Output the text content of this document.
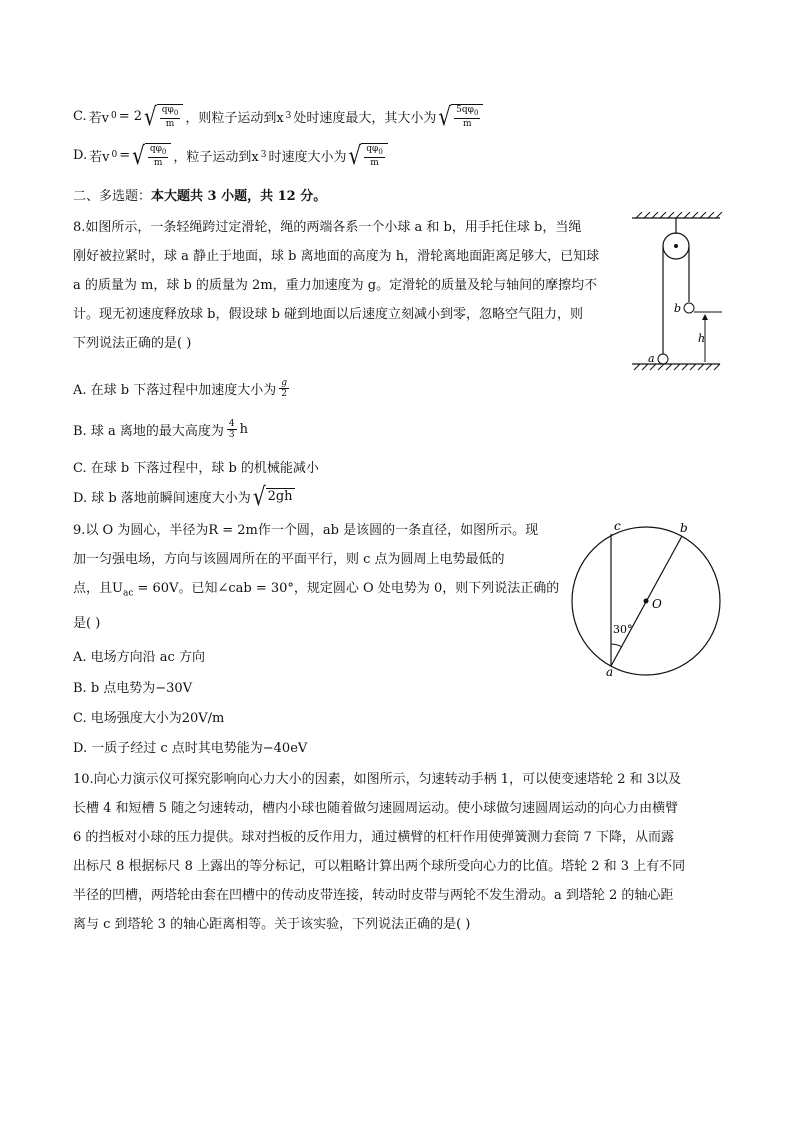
C. 若v 0 = 2 √ $\frac{q\varphi_0}{m}$ ，则粒子运动到x 3 处时速度最大，其大小为 √ $\frac{5q\varphi_0}{m}$
D. 若v 0 = √ $\frac{q\varphi_0}{m}$ ，粒子运动到x 3 时速度大小为 √ $\frac{q\varphi_0}{m}$
二、多选题：本大题共 3 小题，共 12 分。
8.如图所示，一条轻绳跨过定滑轮，绳的两端各系一个小球 a 和 b，用手托住球 b，当绳
刚好被拉紧时，球 a 静止于地面，球 b 离地面的高度为 h，滑轮离地面距离足够大，已知球
a 的质量为 m，球 b 的质量为 2m，重力加速度为 g。定滑轮的质量及轮与轴间的摩擦均不
计。现无初速度释放球 b，假设球 b 碰到地面以后速度立刻减小到零，忽略空气阻力，则
下列说法正确的是( )
A. 在球 b 下落过程中加速度大小为 $\frac{g}{2}$
B. 球 a 离地的最大高度为 $\frac{4}{3}$ h
C. 在球 b 下落过程中，球 b 的机械能减小
D. 球 b 落地前瞬间速度大小为 √ 2gh
b
h
a
9.以 O 为圆心，半径为R = 2m作一个圆，ab 是该圆的一条直径，如图所示。现
加一匀强电场，方向与该圆周所在的平面平行，则 c 点为圆周上电势最低的
点，且$U_{ac} = 60V$。已知∠cab = 30°，规定圆心 O 处电势为 0，则下列说法正确的
是( )
A. 电场方向沿 ac 方向
B. b 点电势为−30V
C. 电场强度大小为20V/m
D. 一质子经过 c 点时其电势能为−40eV
O
c	b
a
30°
10.向心力演示仪可探究影响向心力大小的因素，如图所示，匀速转动手柄 1，可以使变速塔轮 2 和 3以及
长槽 4 和短槽 5 随之匀速转动，槽内小球也随着做匀速圆周运动。使小球做匀速圆周运动的向心力由横臂
6 的挡板对小球的压力提供。球对挡板的反作用力，通过横臂的杠杆作用使弹簧测力套筒 7 下降，从而露
出标尺 8 根据标尺 8 上露出的等分标记，可以粗略计算出两个球所受向心力的比值。塔轮 2 和 3 上有不同
半径的凹槽，两塔轮由套在凹槽中的传动皮带连接，转动时皮带与两轮不发生滑动。a 到塔轮 2 的轴心距
离与 c 到塔轮 3 的轴心距离相等。关于该实验，下列说法正确的是( )
